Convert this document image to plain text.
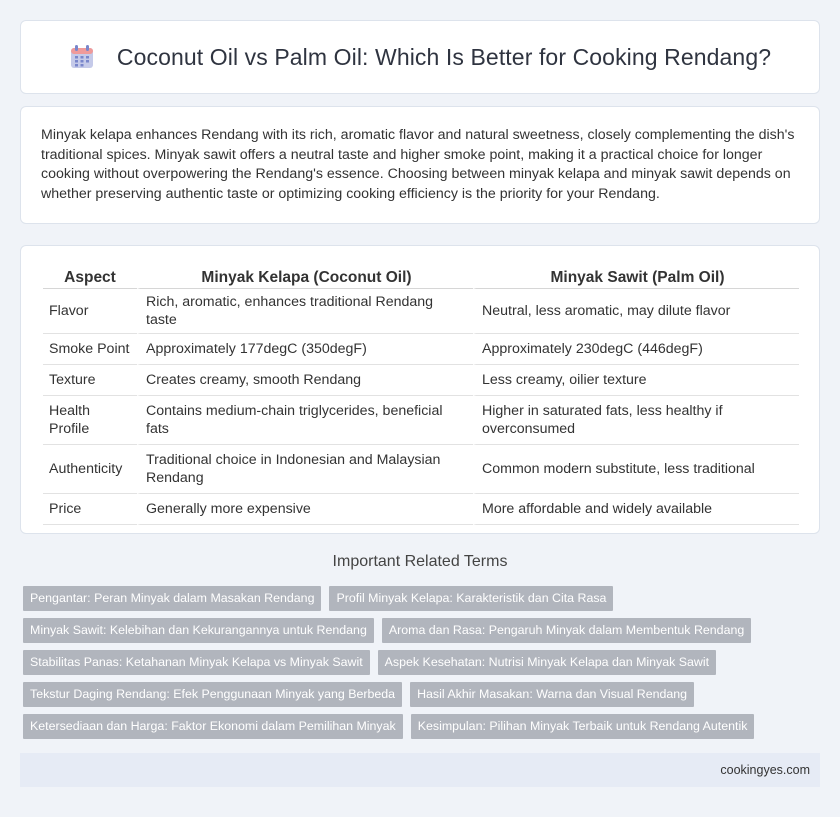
Coconut Oil vs Palm Oil: Which Is Better for Cooking Rendang?

Minyak kelapa enhances Rendang with its rich, aromatic flavor and natural sweetness, closely complementing the dish's traditional spices. Minyak sawit offers a neutral taste and higher smoke point, making it a practical choice for longer cooking without overpowering the Rendang's essence. Choosing between minyak kelapa and minyak sawit depends on whether preserving authentic taste or optimizing cooking efficiency is the priority for your Rendang.

Aspect	Minyak Kelapa (Coconut Oil)	Minyak Sawit (Palm Oil)
Flavor	Rich, aromatic, enhances traditional Rendang taste	Neutral, less aromatic, may dilute flavor
Smoke Point	Approximately 177degC (350degF)	Approximately 230degC (446degF)
Texture	Creates creamy, smooth Rendang	Less creamy, oilier texture
Health Profile	Contains medium-chain triglycerides, beneficial fats	Higher in saturated fats, less healthy if overconsumed
Authenticity	Traditional choice in Indonesian and Malaysian Rendang	Common modern substitute, less traditional
Price	Generally more expensive	More affordable and widely available
Important Related Terms
Pengantar: Peran Minyak dalam Masakan Rendang	Profil Minyak Kelapa: Karakteristik dan Cita Rasa
Minyak Sawit: Kelebihan dan Kekurangannya untuk Rendang	Aroma dan Rasa: Pengaruh Minyak dalam Membentuk Rendang
Stabilitas Panas: Ketahanan Minyak Kelapa vs Minyak Sawit	Aspek Kesehatan: Nutrisi Minyak Kelapa dan Minyak Sawit
Tekstur Daging Rendang: Efek Penggunaan Minyak yang Berbeda	Hasil Akhir Masakan: Warna dan Visual Rendang
Ketersediaan dan Harga: Faktor Ekonomi dalam Pemilihan Minyak	Kesimpulan: Pilihan Minyak Terbaik untuk Rendang Autentik
cookingyes.com
